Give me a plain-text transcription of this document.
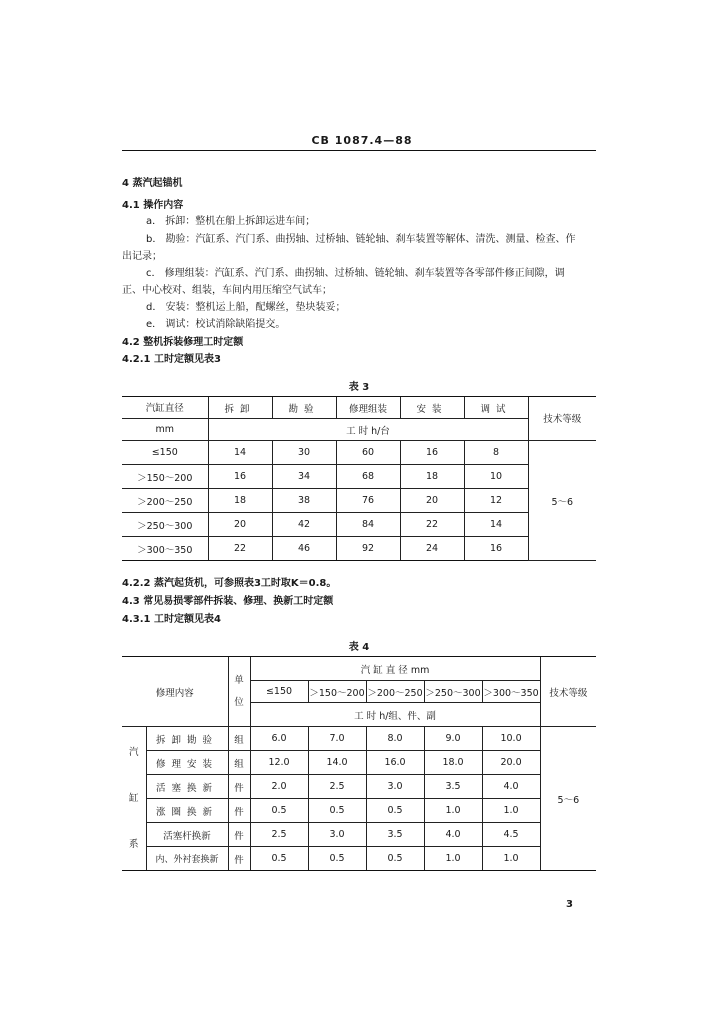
CB 1087.4—88
4 蒸汽起锚机
4.1 操作内容
a． 拆卸：整机在船上拆卸运进车间；
b． 勘验：汽缸系、汽门系、曲拐轴、过桥轴、链轮轴、刹车装置等解体、清洗、测量、检查、作
出记录；
c． 修理组装：汽缸系、汽门系、曲拐轴、过桥轴、链轮轴、刹车装置等各零部件修正间隙，调
正、中心校对、组装，车间内用压缩空气试车；
d． 安装：整机运上船，配螺丝，垫块装妥；
e． 调试：校试消除缺陷提交。
4.2 整机拆装修理工时定额
4.2.1 工时定额见表3
表 3
汽缸直径	拆卸	勘验	修理组装	安装	调试	技术等级
mm	工 时 h/台					
≤150	14	30	60	16	8	5～6
＞150～200	16	34	68	18	10	
＞200～250	18	38	76	20	12	
＞250～300	20	42	84	22	14	
＞300～350	22	46	92	24	16	
4.2.2 蒸汽起货机，可参照表3工时取K＝0.8。
4.3 常见易损零部件拆装、修理、换新工时定额
4.3.1 工时定额见表4
表 4
修理内容		单
位	汽 缸 直 径 mm					技术等级
			≤150	＞150～200	＞200～250	＞250～300	＞300～350	
			工 时 h/组、件、副					

汽
缸
系	拆卸勘验	组	6.0	7.0	8.0	9.0	10.0	5～6
	修理安装	组	12.0	14.0	16.0	18.0	20.0	
	活塞换新	件	2.0	2.5	3.0	3.5	4.0	
	涨圈换新	件	0.5	0.5	0.5	1.0	1.0	
	活塞杆换新	件	2.5	3.0	3.5	4.0	4.5	
	内、外衬套换新	件	0.5	0.5	0.5	1.0	1.0	
3
